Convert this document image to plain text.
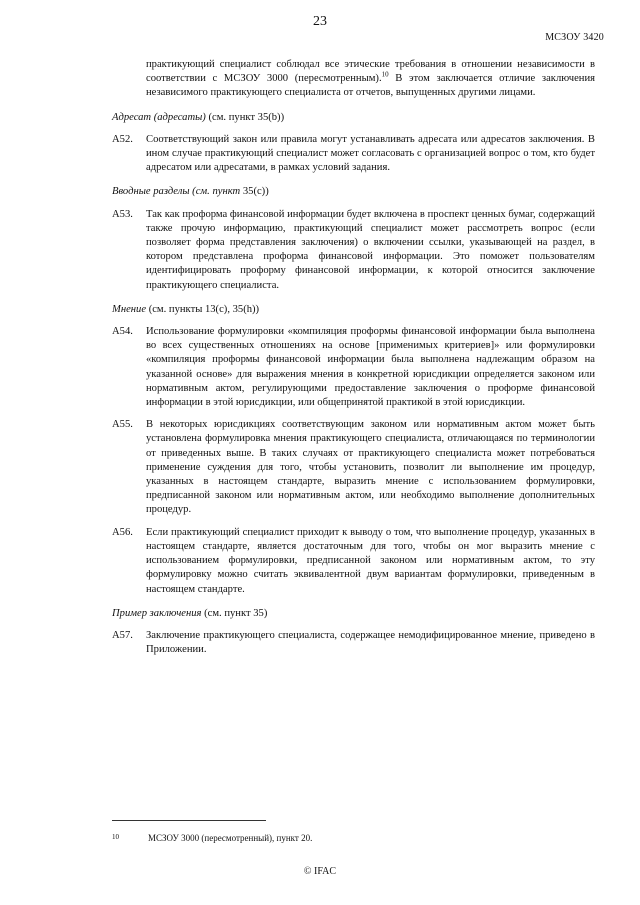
23
МСЗОУ 3420

практикующий специалист соблюдал все этические требования в отношении независимости в соответствии с МСЗОУ 3000 (пересмотренным).$^{10}$ В этом заключается отличие заключения независимого практикующего специалиста от отчетов, выпущенных другими лицами.

Адресат (адресаты) (см. пункт 35(b))
A52.	Соответствующий закон или правила могут устанавливать адресата или адресатов заключения. В ином случае практикующий специалист может согласовать с организацией вопрос о том, кто будет адресатом или адресатами, в рамках условий задания.

Вводные разделы (см. пункт 35(c))
A53.	Так как проформа финансовой информации будет включена в проспект ценных бумаг, содержащий также прочую информацию, практикующий специалист может рассмотреть вопрос (если позволяет форма представления заключения) о включении ссылки, указывающей на раздел, в котором представлена проформа финансовой информации. Это поможет пользователям идентифицировать проформу финансовой информации, к которой относится заключение практикующего специалиста.

Мнение (см. пункты 13(c), 35(h))
A54.	Использование формулировки «компиляция проформы финансовой информации была выполнена во всех существенных отношениях на основе [применимых критериев]» или формулировки «компиляция проформы финансовой информации была выполнена надлежащим образом на указанной основе» для выражения мнения в конкретной юрисдикции определяется законом или нормативным актом, регулирующими предоставление заключения о проформе финансовой информации в этой юрисдикции, или общепринятой практикой в этой юрисдикции.

A55.	В некоторых юрисдикциях соответствующим законом или нормативным актом может быть установлена формулировка мнения практикующего специалиста, отличающаяся по терминологии от приведенных выше. В таких случаях от практикующего специалиста может потребоваться применение суждения для того, чтобы установить, позволит ли выполнение им процедур, указанных в настоящем стандарте, выразить мнение с использованием формулировки, предписанной законом или нормативным актом, или необходимо выполнение дополнительных процедур.

A56.	Если практикующий специалист приходит к выводу о том, что выполнение процедур, указанных в настоящем стандарте, является достаточным для того, чтобы он мог выразить мнение с использованием формулировки, предписанной законом или нормативным актом, то эту формулировку можно считать эквивалентной двум вариантам формулировки, приведенным в настоящем стандарте.

Пример заключения (см. пункт 35)
A57.	Заключение практикующего специалиста, содержащее немодифицированное мнение, приведено в Приложении.

10	МСЗОУ 3000 (пересмотренный), пункт 20.
© IFAC
